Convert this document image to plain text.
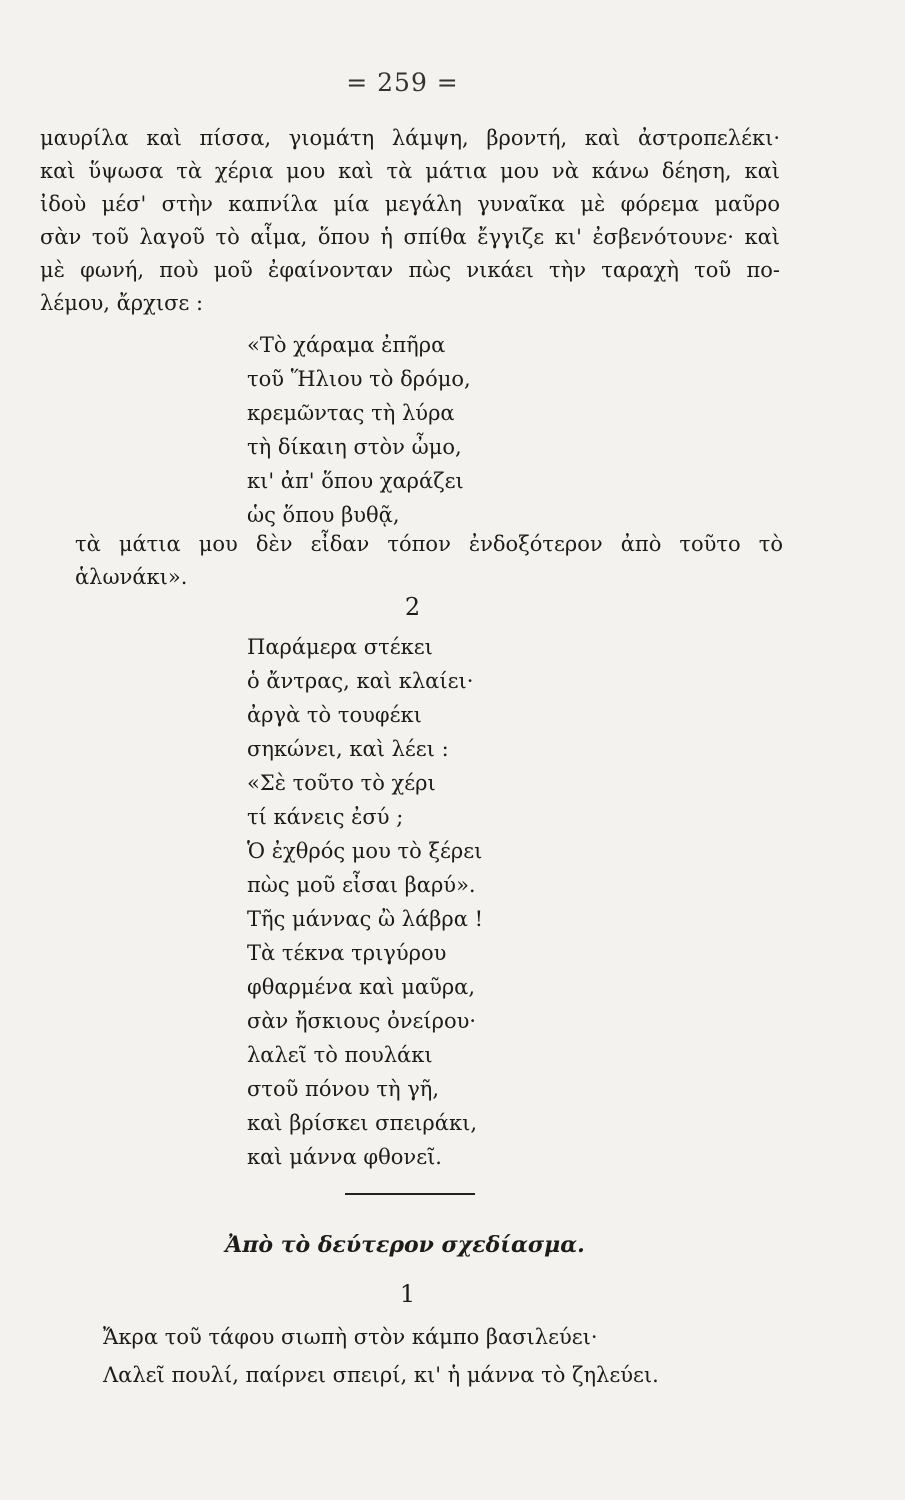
= 259 =
μαυρίλα καὶ πίσσα, γιομάτη λάμψη, βροντή, καὶ ἀστροπελέκι·
καὶ ὕψωσα τὰ χέρια μου καὶ τὰ μάτια μου νὰ κάνω δέηση, καὶ
ἰδοὺ μέσ' στὴν καπνίλα μία μεγάλη γυναῖκα μὲ φόρεμα μαῦρο
σὰν τοῦ λαγοῦ τὸ αἷμα, ὅπου ἡ σπίθα ἔγγιζε κι' ἐσβενότουνε· καὶ
μὲ φωνή, ποὺ μοῦ ἐφαίνονταν πὼς νικάει τὴν ταραχὴ τοῦ πο-
λέμου, ἄρχισε :
«Τὸ χάραμα ἐπῆρα
τοῦ Ἥλιου τὸ δρόμο,
κρεμῶντας τὴ λύρα
τὴ δίκαιη στὸν ὦμο,
κι' ἀπ' ὅπου χαράζει
ὡς ὅπου βυθᾷ,
τὰ μάτια μου δὲν εἶδαν τόπον ἐνδοξότερον ἀπὸ τοῦτο τὸ
ἁλωνάκι».
2
Παράμερα στέκει
ὁ ἄντρας, καὶ κλαίει·
ἀργὰ τὸ τουφέκι
σηκώνει, καὶ λέει :
«Σὲ τοῦτο τὸ χέρι
τί κάνεις ἐσύ ;
Ὁ ἐχθρός μου τὸ ξέρει
πὼς μοῦ εἶσαι βαρύ».
Τῆς μάννας ὢ λάβρα !
Τὰ τέκνα τριγύρου
φθαρμένα καὶ μαῦρα,
σὰν ἤσκιους ὀνείρου·
λαλεῖ τὸ πουλάκι
στοῦ πόνου τὴ γῆ,
καὶ βρίσκει σπειράκι,
καὶ μάννα φθονεῖ.
Ἀπὸ τὸ δεύτερον σχεδίασμα.
1
Ἄκρα τοῦ τάφου σιωπὴ στὸν κάμπο βασιλεύει·
Λαλεῖ πουλί, παίρνει σπειρί, κι' ἡ μάννα τὸ ζηλεύει.
